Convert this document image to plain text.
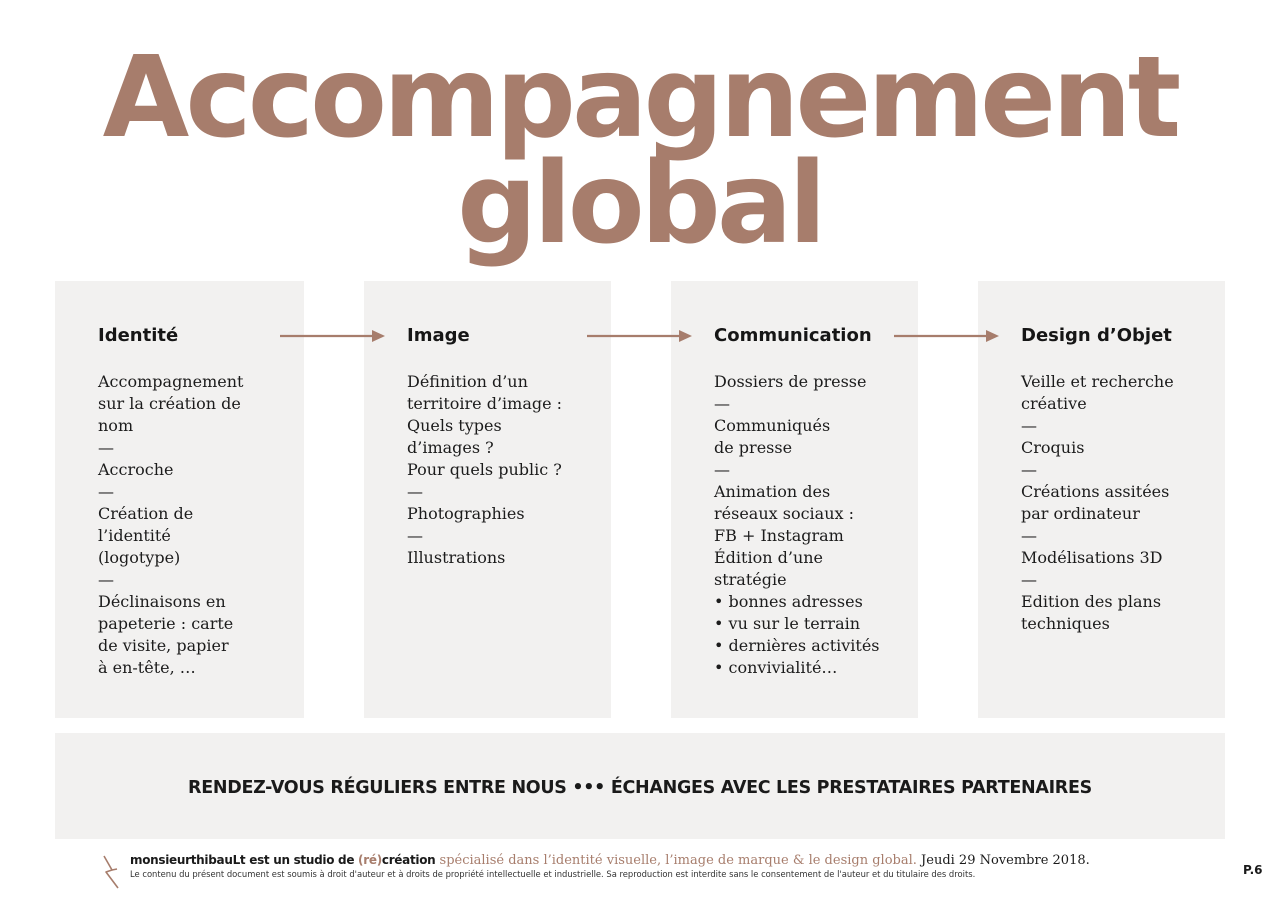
Accompagnement
global
Identité
Accompagnement
sur la création de
nom
—
Accroche
—
Création de
l’identité
(logotype)
—
Déclinaisons en
papeterie : carte
de visite, papier
à en-tête, …
Image
Définition d’un
territoire d’image :
Quels types
d’images ?
Pour quels public ?
—
Photographies
—
Illustrations
Communication
Dossiers de presse
—
Communiqués
de presse
—
Animation des
réseaux sociaux :
FB + Instagram
Édition d’une
stratégie
• bonnes adresses
• vu sur le terrain
• dernières activités
• convivialité…
Design d’Objet
Veille et recherche
créative
—
Croquis
—
Créations assitées
par ordinateur
—
Modélisations 3D
—
Edition des plans
techniques
RENDEZ-VOUS RÉGULIERS ENTRE NOUS ••• ÉCHANGES AVEC LES PRESTATAIRES PARTENAIRES
monsieurthibauLt est un studio de (ré)création spécialisé dans l’identité visuelle, l’image de marque & le design global. Jeudi 29 Novembre 2018.
Le contenu du présent document est soumis à droit d'auteur et à droits de propriété intellectuelle et industrielle. Sa reproduction est interdite sans le consentement de l'auteur et du titulaire des droits.	P.6
